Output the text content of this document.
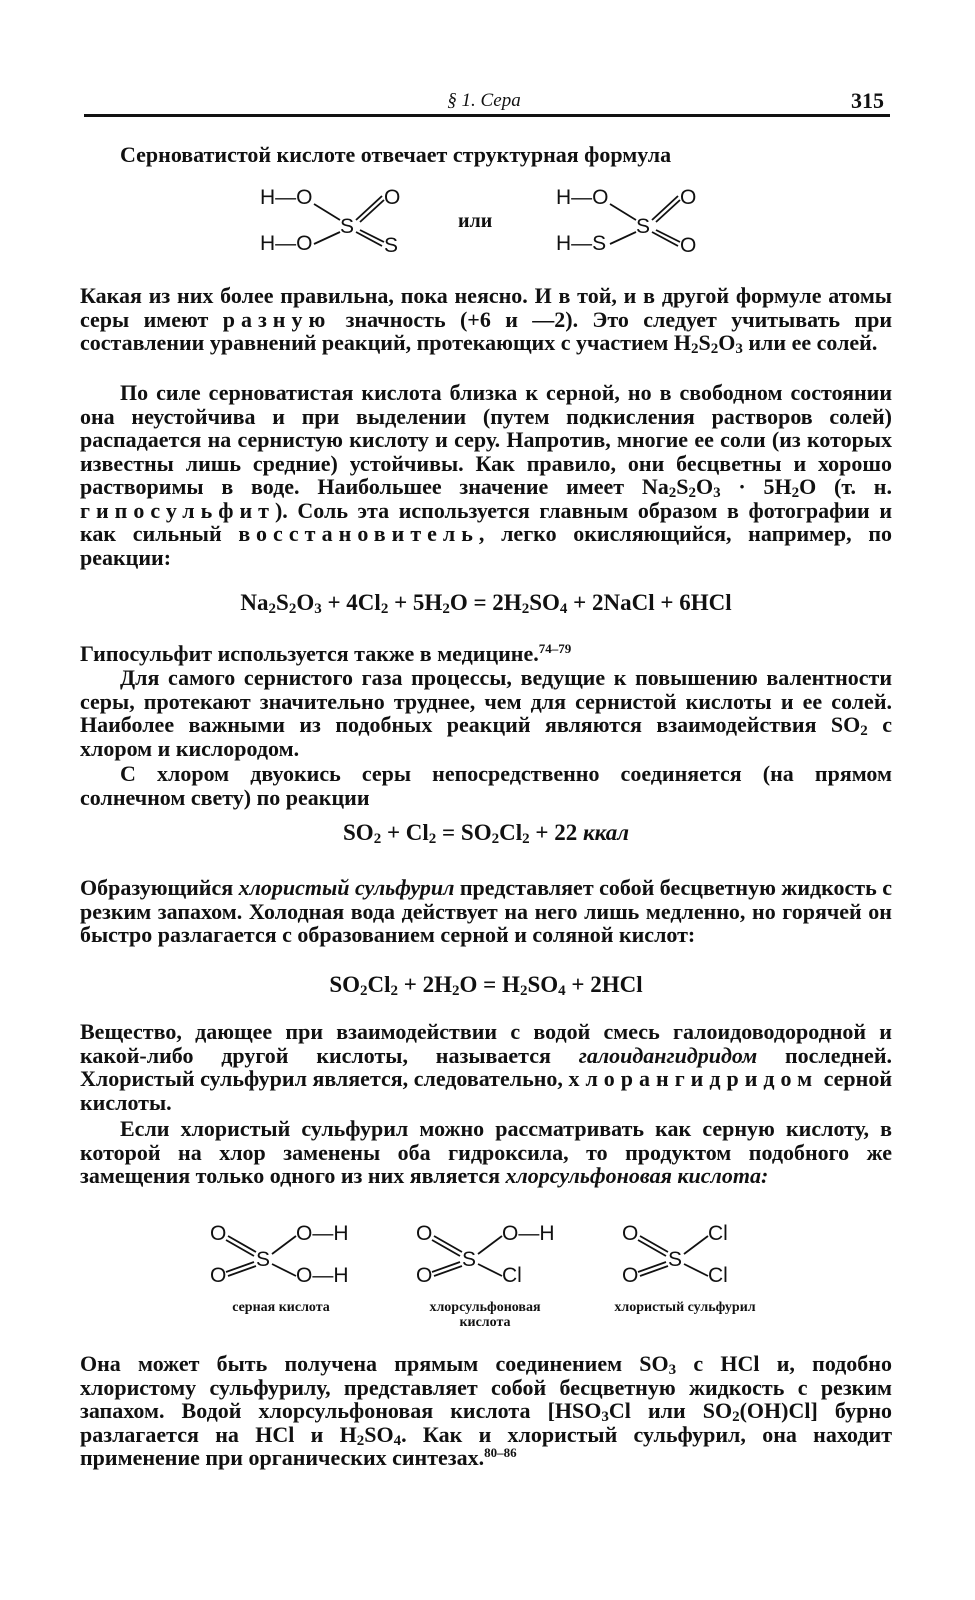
§ 1. Сера	315
Серноватистой кислоте отвечает структурная формула
H—O
H—O
S
O
S
или
H—O
H—S
S
O
O
Какая из них более правильна, пока неясно. И в той, и в другой формуле атомы серы имеют разную значность (+6 и —2). Это следует учитывать при составлении уравнений реакций, протекающих с участием $H_2S_2O_3$ или ее солей.
По силе серноватистая кислота близка к серной, но в свободном состоянии она неустойчива и при выделении (путем подкисления растворов солей) распадается на сернистую кислоту и серу. Напротив, многие ее соли (из которых известны лишь средние) устойчивы. Как правило, они бесцветны и хорошо растворимы в воде. Наибольшее значение имеет $Na_2S_2O_3 \cdot 5H_2O$ (т. н. гипосульфит). Соль эта используется главным образом в фотографии и как сильный восстановитель, легко окисляющийся, например, по реакции:
$Na_2S_2O_3 + 4Cl_2 + 5H_2O = 2H_2SO_4$ + 2NaCl + 6HCl
Гипосульфит используется также в медицине.$^{74-79}$
Для самого сернистого газа процессы, ведущие к повышению валентности серы, протекают значительно труднее, чем для сернистой кислоты и ее солей. Наиболее важными из подобных реакций являются взаимодействия $SO_2$ с хлором и кислородом.
С хлором двуокись серы непосредственно соединяется (на прямом солнечном свету) по реакции
$SO_2 + Cl_2 = SO_2Cl_2 + 22$ ккал
Образующийся хлористый сульфурил представляет собой бесцветную жидкость с резким запахом. Холодная вода действует на него лишь медленно, но горячей он быстро разлагается с образованием серной и соляной кислот:
$SO_2Cl_2 + 2H_2O = H_2SO_4 + 2HCl$
Вещество, дающее при взаимодействии с водой смесь галоидоводородной и какой-либо другой кислоты, называется галоидангидридом последней. Хлористый сульфурил является, следовательно, хлорангидридом серной кислоты.
Если хлористый сульфурил можно рассматривать как серную кислоту, в которой на хлор заменены оба гидроксила, то продуктом подобного же замещения только одного из них является хлорсульфоновая кислота:
O
O
S
O—H
O—H
серная кислота
O
O
S
O—H
Cl
хлорсульфоновая кислота
O
O
S
Cl
Cl
хлористый сульфурил
Она может быть получена прямым соединением $SO_3$ с HCl и, подобно хлористому сульфурилу, представляет собой бесцветную жидкость с резким запахом. Водой хлорсульфоновая кислота [$HSO_3Cl$ или $SO_2(OH)Cl$] бурно разлагается на HCl и $H_2SO_4$. Как и хлористый сульфурил, она находит применение при органических синтезах.$^{80-86}$
